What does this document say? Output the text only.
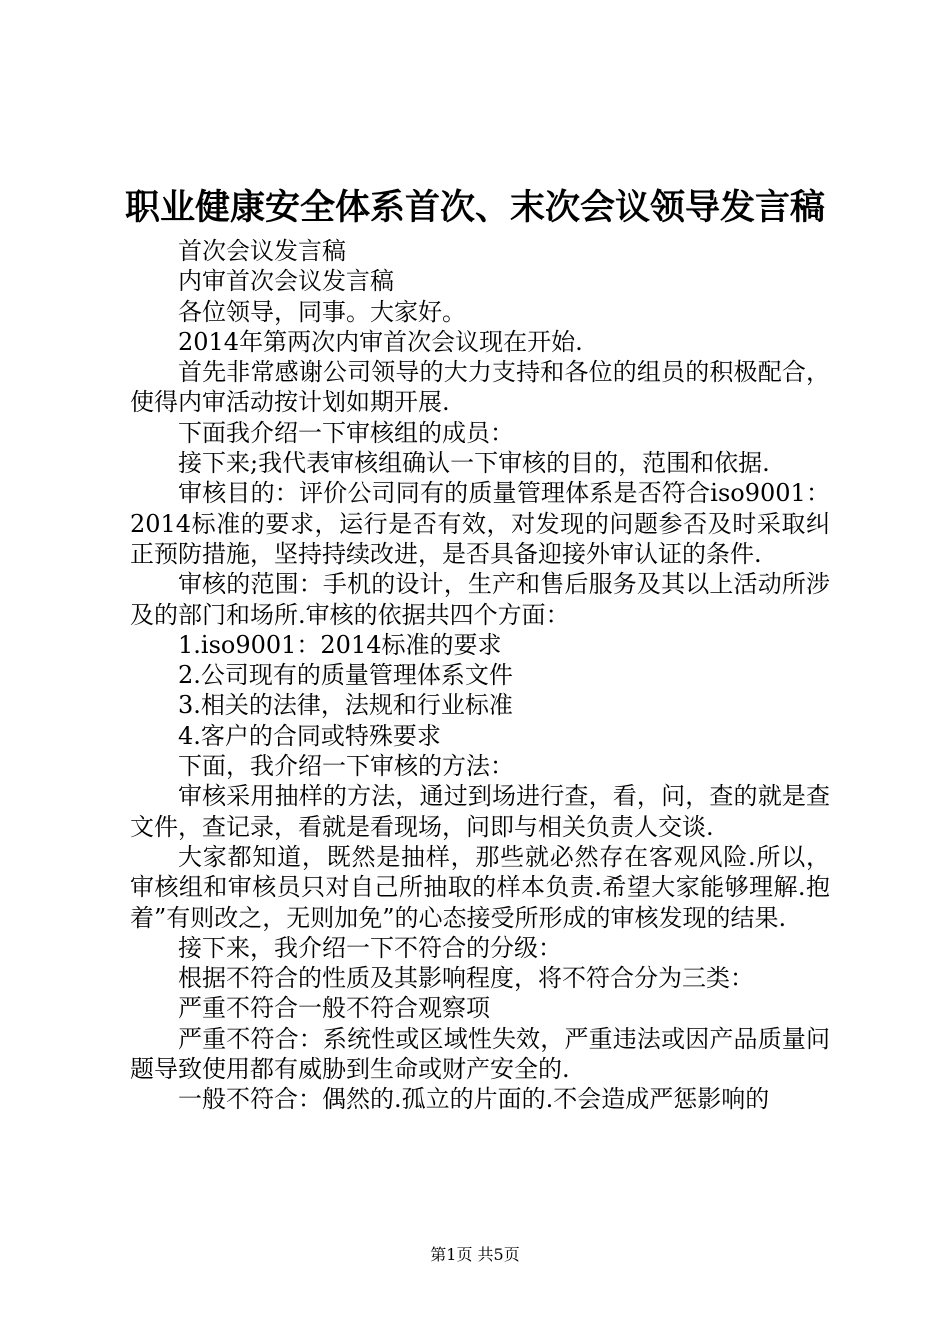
职业健康安全体系首次、末次会议领导发言稿

首次会议发言稿

内审首次会议发言稿

各位领导，同事。大家好。

2014年第两次内审首次会议现在开始.

首先非常感谢公司领导的大力支持和各位的组员的积极配合，使得内审活动按计划如期开展.

下面我介绍一下审核组的成员：

接下来;我代表审核组确认一下审核的目的，范围和依据.

审核目的：评价公司同有的质量管理体系是否符合iso9001：2014标准的要求，运行是否有效，对发现的问题参否及时采取纠正预防措施，坚持持续改进，是否具备迎接外审认证的条件.

审核的范围：手机的设计，生产和售后服务及其以上活动所涉及的部门和场所.审核的依据共四个方面：

1.iso9001：2014标准的要求

2.公司现有的质量管理体系文件

3.相关的法律，法规和行业标准

4.客户的合同或特殊要求

下面，我介绍一下审核的方法：

审核采用抽样的方法，通过到场进行查，看，问，查的就是查文件，查记录，看就是看现场，问即与相关负责人交谈.

大家都知道，既然是抽样，那些就必然存在客观风险.所以，审核组和审核员只对自己所抽取的样本负责.希望大家能够理解.抱着”有则改之，无则加免”的心态接受所形成的审核发现的结果.

接下来，我介绍一下不符合的分级：

根据不符合的性质及其影响程度，将不符合分为三类：

严重不符合一般不符合观察项

严重不符合：系统性或区域性失效，严重违法或因产品质量问题导致使用都有威胁到生命或财产安全的.

一般不符合：偶然的.孤立的片面的.不会造成严惩影响的

第1页 共5页
